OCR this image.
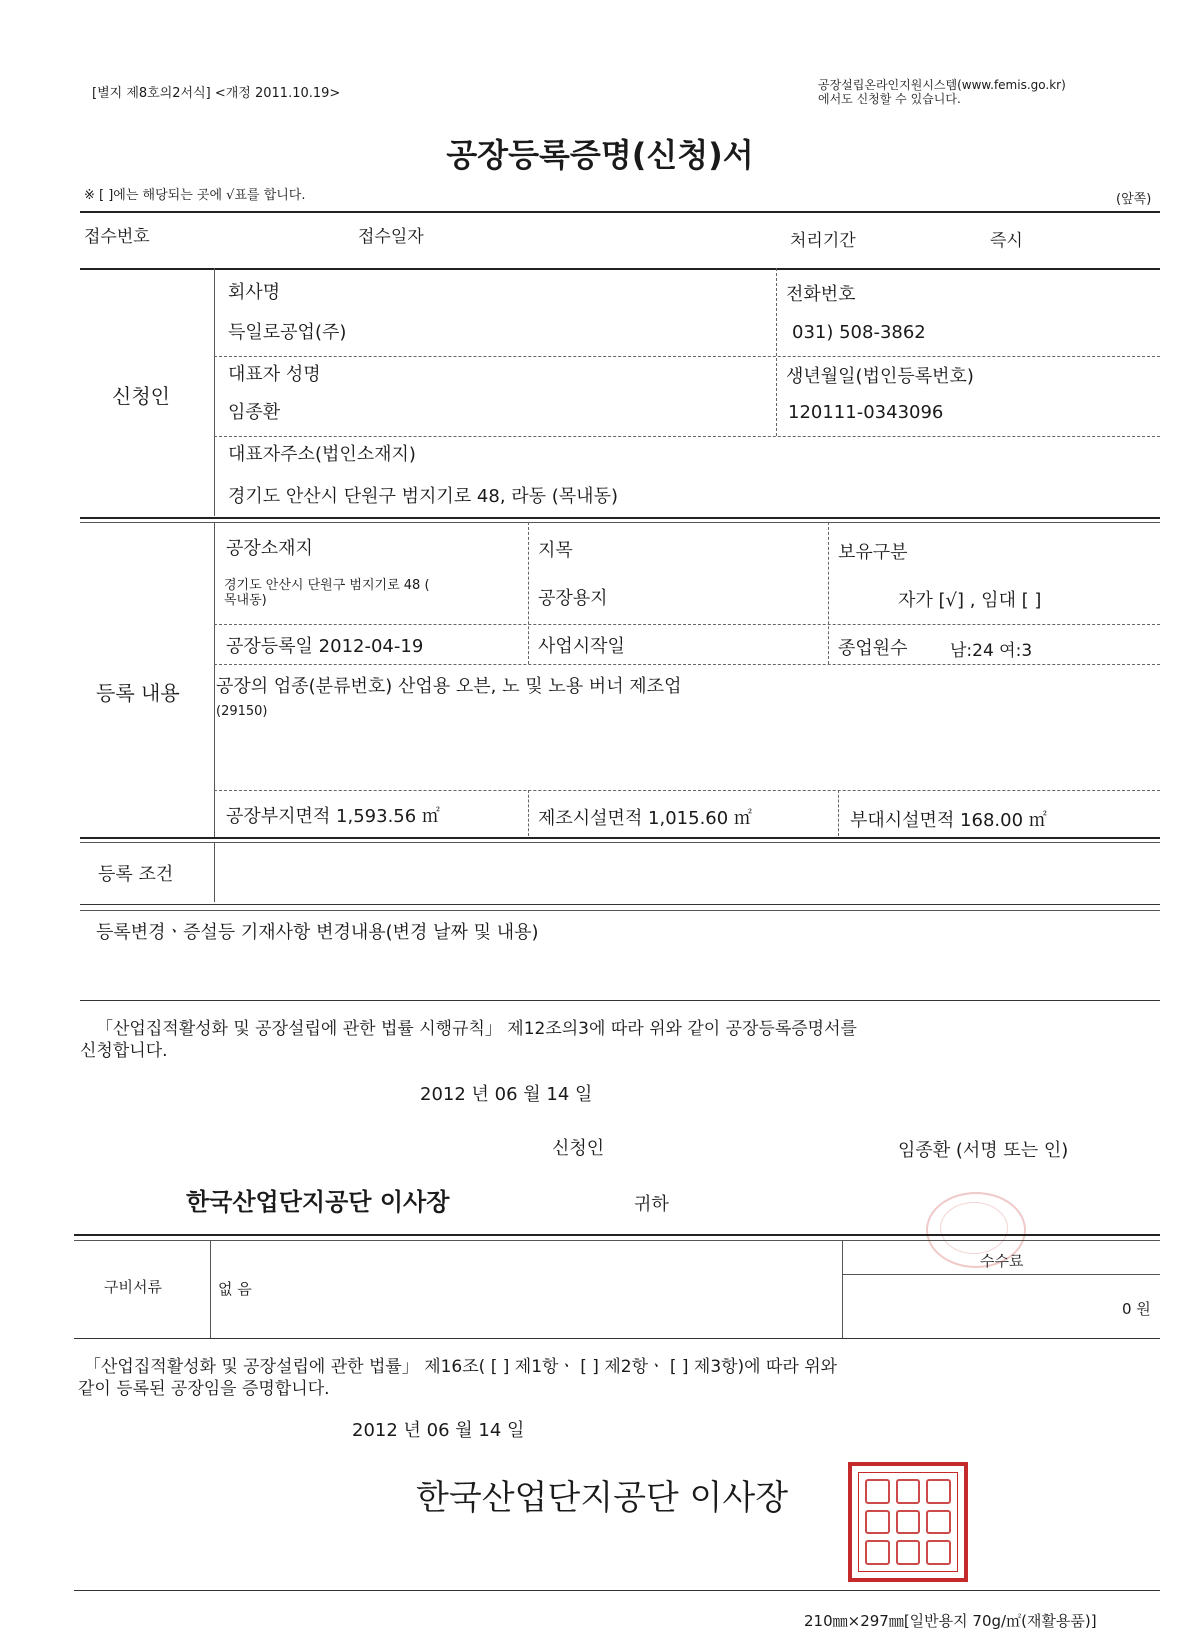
[별지 제8호의2서식] <개정 2011.10.19>
공장설립온라인지원시스템(www.femis.go.kr)
에서도 신청할 수 있습니다.
공장등록증명(신청)서
※ [ ]에는 해당되는 곳에 √표를 합니다.	(앞쪽)
접수번호	접수일자	처리기간	즉시
신청인
회사명
득일로공업(주)
전화번호
031) 508-3862
대표자 성명
임종환
생년월일(법인등록번호)
120111-0343096
대표자주소(법인소재지)
경기도 안산시 단원구 범지기로 48, 라동 (목내동)
등록 내용
공장소재지
경기도 안산시 단원구 범지기로 48 (
목내동)
지목
공장용지
보유구분
자가 [√] , 임대 [ ]
공장등록일 2012-04-19	사업시작일	종업원수 남:24 여:3
공장의 업종(분류번호) 산업용 오븐, 노 및 노용 버너 제조업
(29150)
공장부지면적 1,593.56 ㎡	제조시설면적 1,015.60 ㎡	부대시설면적 168.00 ㎡
등록 조건
등록변경ㆍ증설등 기재사항 변경내용(변경 날짜 및 내용)
「산업집적활성화 및 공장설립에 관한 법률 시행규칙」 제12조의3에 따라 위와 같이 공장등록증명서를
신청합니다.
2012 년 06 월 14 일
신청인	임종환 (서명 또는 인)
한국산업단지공단 이사장	귀하
구비서류	없 음
수수료
0 원
「산업집적활성화 및 공장설립에 관한 법률」 제16조( [ ] 제1항ㆍ [ ] 제2항ㆍ [ ] 제3항)에 따라 위와
같이 등록된 공장임을 증명합니다.
2012 년 06 월 14 일
한국산업단지공단 이사장
210㎜×297㎜[일반용지 70g/㎡(재활용품)]
